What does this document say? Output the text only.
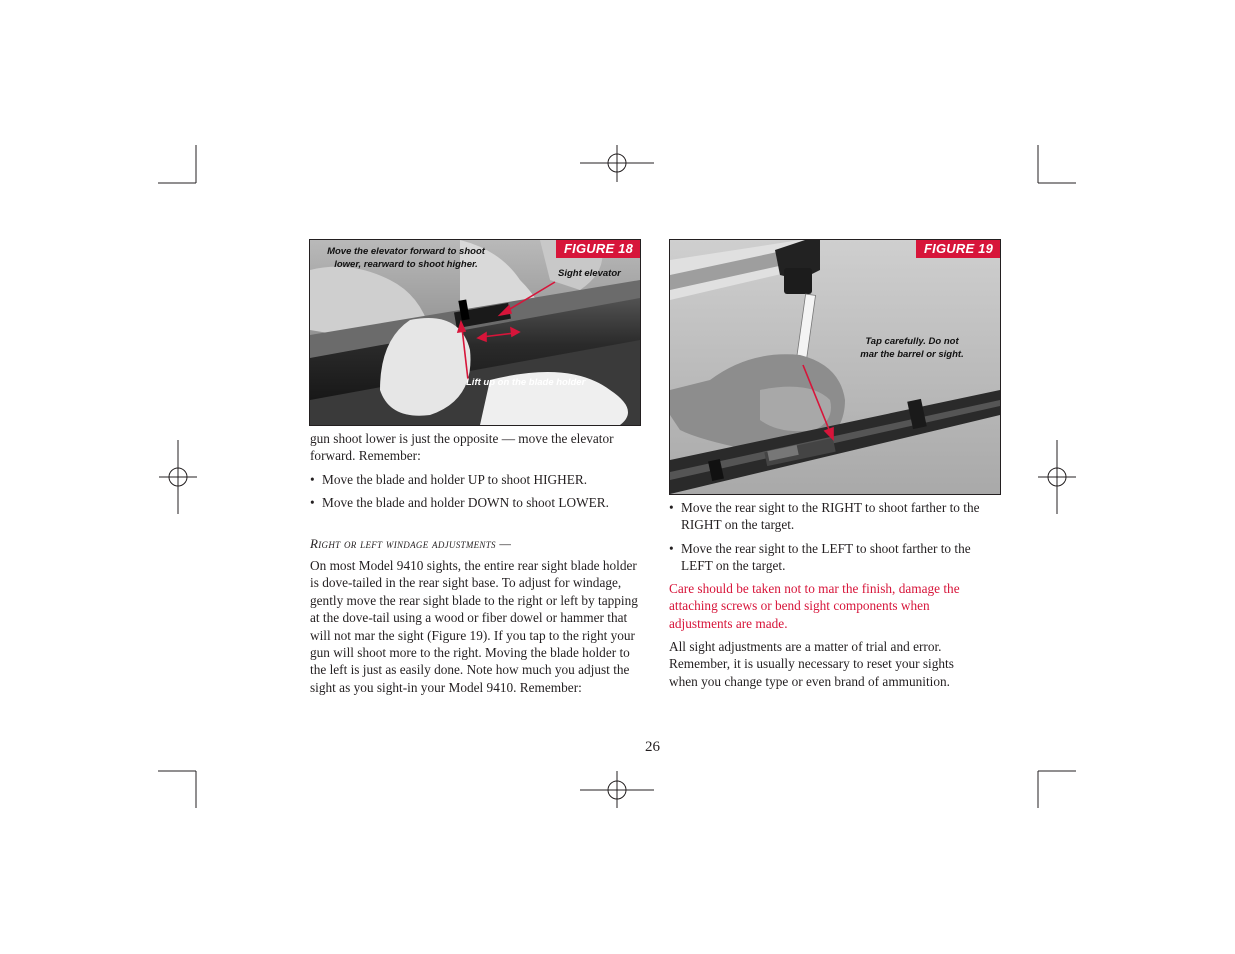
FIGURE 18
Move the elevator forward to shoot lower, rearward to shoot higher.
Sight elevator
Lift up on the blade holder
FIGURE 19
Tap carefully. Do not
mar the barrel or sight.

gun shoot lower is just the opposite — move the elevator forward. Remember:

• Move the blade and holder UP to shoot HIGHER.
• Move the blade and holder DOWN to shoot LOWER.
Right or left windage adjustments —
On most Model 9410 sights, the entire rear sight blade holder is dove-tailed in the rear sight base. To adjust for windage, gently move the rear sight blade to the right or left by tapping at the dove-tail using a wood or fiber dowel or hammer that will not mar the sight (Figure 19). If you tap to the right your gun will shoot more to the right. Moving the blade holder to the left is just as easily done. Note how much you adjust the sight as you sight-in your Model 9410. Remember:
• Move the rear sight to the RIGHT to shoot farther to the RIGHT on the target.
• Move the rear sight to the LEFT to shoot farther to the LEFT on the target.
Care should be taken not to mar the finish, damage the attaching screws or bend sight components when adjustments are made.
All sight adjustments are a matter of trial and error. Remember, it is usually necessary to reset your sights when you change type or even brand of ammunition.
26
